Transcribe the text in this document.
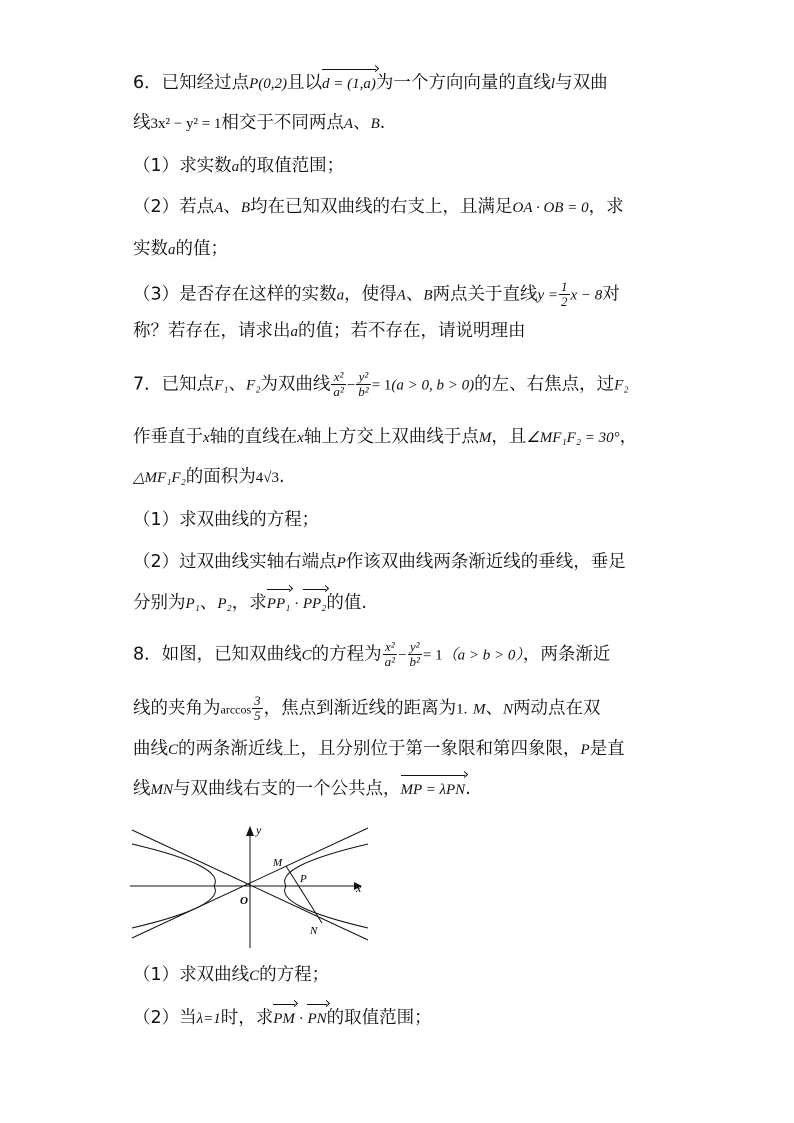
6．已知经过点P(0,2)且以d = (1,a)为一个方向向量的直线l与双曲
线3x² − y² = 1相交于不同两点A、B.
（1）求实数a的取值范围；
（2）若点A、B均在已知双曲线的右支上，且满足OA · OB = 0，求
实数a的值；
（3）是否存在这样的实数a，使得A、B两点关于直线$y = \frac{1}{2}$ x − 8对
称？若存在，请求出a的值；若不存在，请说明理由
7．已知点F₁、F₂为双曲线 $\frac{\text{x²}}{\text{a²}} - \frac{\text{y²}}{\text{b²}} = 1(a > 0$, b > 0)的左、右焦点，过F₂
作垂直于x轴的直线在x轴上方交上双曲线于点M，且∠MF₁F₂ = 30°，
△MF₁F₂的面积为4√3.
（1）求双曲线的方程；
（2）过双曲线实轴右端点P作该双曲线两条渐近线的垂线，垂足
分别为P₁、P₂，求PP₁ · PP₂的值.
8．如图，已知双曲线C的方程为 $\frac{\text{x²}}{\text{a²}} - \frac{\text{y²}}{\text{b²}} = 1(a > b > 0)$，两条渐近
线的夹角为$\arccos \frac{3}{5}$ ，焦点到渐近线的距离为1. M、N两动点在双
曲线C的两条渐近线上，且分别位于第一象限和第四象限，P是直
线MN与双曲线右支的一个公共点，MP = λPN.
y
x
O
M
P
N
（1）求双曲线C的方程；
（2）当λ=1时，求PM · PN的取值范围；
